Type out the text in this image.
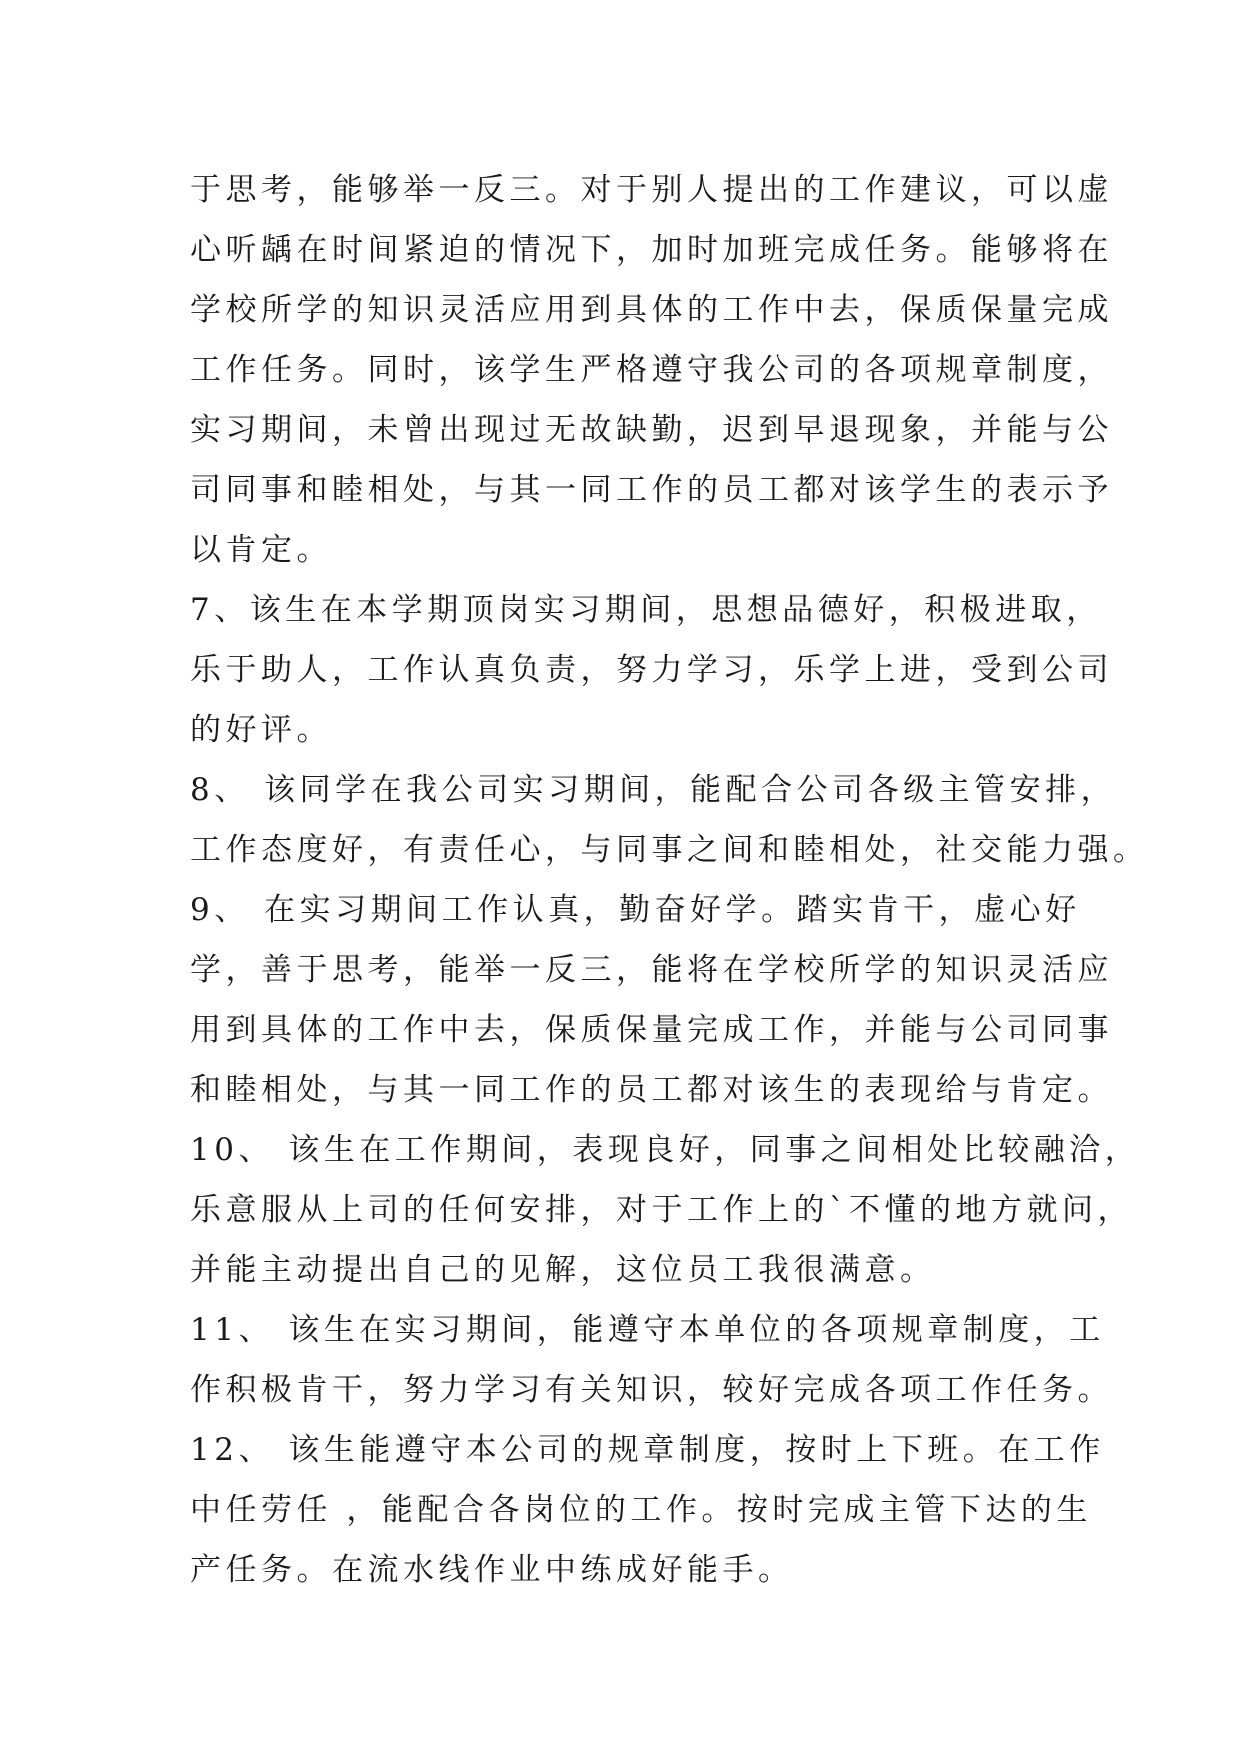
于思考，能够举一反三。对于别人提出的工作建议，可以虚
心听龋在时间紧迫的情况下，加时加班完成任务。能够将在
学校所学的知识灵活应用到具体的工作中去，保质保量完成
工作任务。同时，该学生严格遵守我公司的各项规章制度，
实习期间，未曾出现过无故缺勤，迟到早退现象，并能与公
司同事和睦相处，与其一同工作的员工都对该学生的表示予
以肯定。
7、该生在本学期顶岗实习期间，思想品德好，积极进取，
乐于助人，工作认真负责，努力学习，乐学上进，受到公司
的好评。
8、 该同学在我公司实习期间，能配合公司各级主管安排，
工作态度好，有责任心，与同事之间和睦相处，社交能力强。
9、 在实习期间工作认真，勤奋好学。踏实肯干，虚心好
学，善于思考，能举一反三，能将在学校所学的知识灵活应
用到具体的工作中去，保质保量完成工作，并能与公司同事
和睦相处，与其一同工作的员工都对该生的表现给与肯定。
10、 该生在工作期间，表现良好，同事之间相处比较融洽，
乐意服从上司的任何安排，对于工作上的`不懂的地方就问，
并能主动提出自己的见解，这位员工我很满意。
11、 该生在实习期间，能遵守本单位的各项规章制度，工
作积极肯干，努力学习有关知识，较好完成各项工作任务。
12、 该生能遵守本公司的规章制度，按时上下班。在工作
中任劳任 ，能配合各岗位的工作。按时完成主管下达的生
产任务。在流水线作业中练成好能手。
